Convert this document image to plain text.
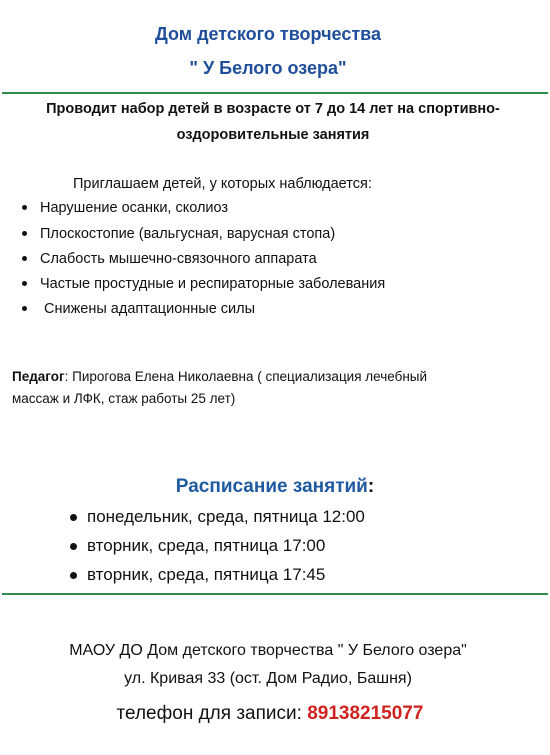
Дом детского творчества
" У Белого озера"
Проводит набор детей в возрасте от 7 до 14 лет на спортивно-
оздоровительные занятия
Приглашаем детей, у которых наблюдается:
Нарушение осанки, сколиоз
Плоскостопие (вальгусная, варусная стопа)
Слабость мышечно-связочного аппарата
Частые простудные и респираторные заболевания
Снижены адаптационные силы
Педагог: Пирогова Елена Николаевна ( специализация лечебный
массаж и ЛФК, стаж работы 25 лет)
Расписание занятий:
понедельник, среда, пятница 12:00
вторник, среда, пятница 17:00
вторник, среда, пятница 17:45
МАОУ ДО Дом детского творчества " У Белого озера"
ул. Кривая 33 (ост. Дом Радио, Башня)
телефон для записи: 89138215077
